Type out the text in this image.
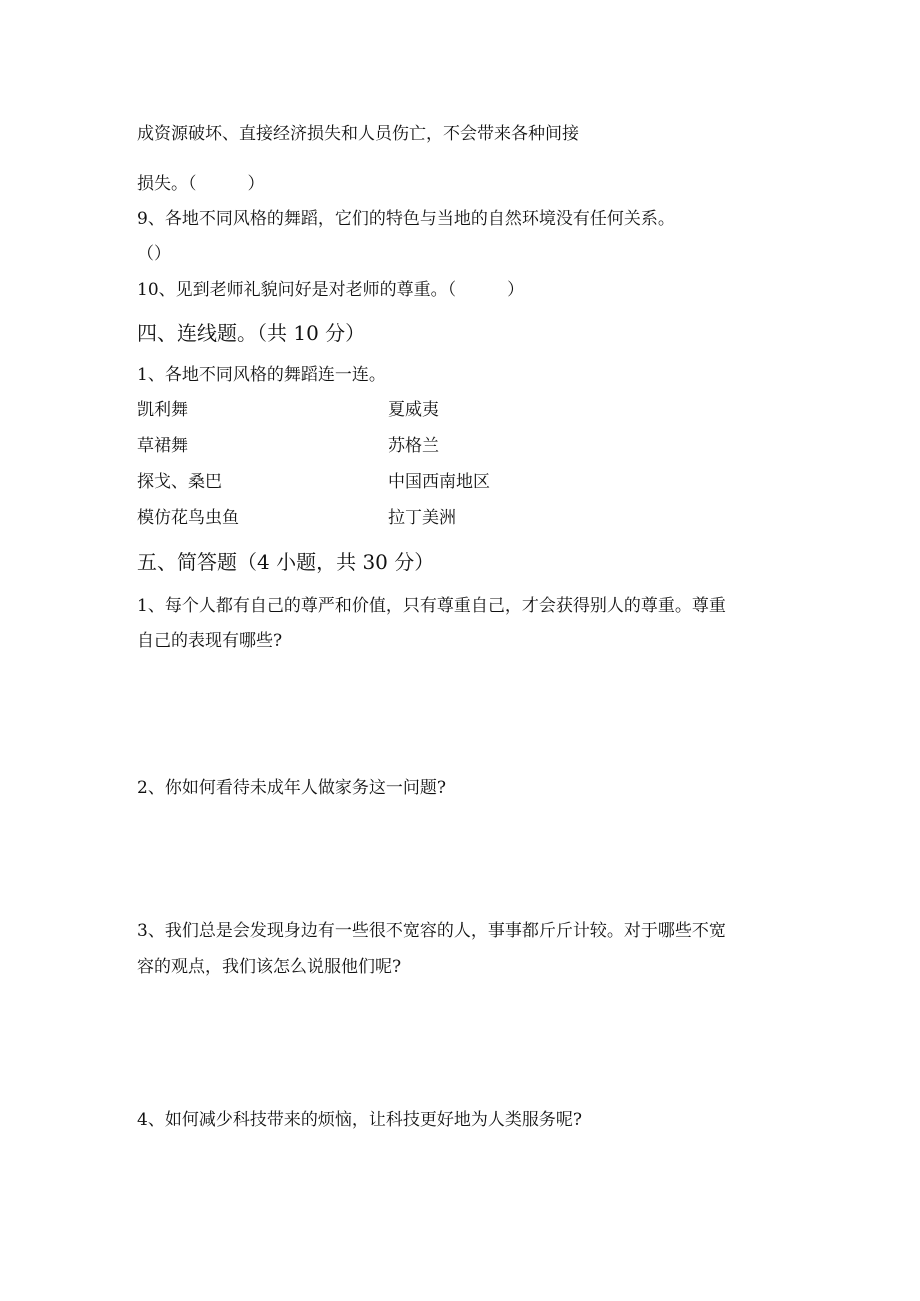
成资源破坏、直接经济损失和人员伤亡，不会带来各种间接
损失。（　　　）
9、各地不同风格的舞蹈，它们的特色与当地的自然环境没有任何关系。
（）
10、见到老师礼貌问好是对老师的尊重。（　　　）
四、连线题。（共 10 分）
1、各地不同风格的舞蹈连一连。
凯利舞	夏威夷
草裙舞	苏格兰
探戈、桑巴	中国西南地区
模仿花鸟虫鱼	拉丁美洲
五、简答题（4 小题，共 30 分）
1、每个人都有自己的尊严和价值，只有尊重自己，才会获得别人的尊重。尊重
自己的表现有哪些?
2、你如何看待未成年人做家务这一问题?
3、我们总是会发现身边有一些很不宽容的人，事事都斤斤计较。对于哪些不宽
容的观点，我们该怎么说服他们呢?
4、如何减少科技带来的烦恼，让科技更好地为人类服务呢?
